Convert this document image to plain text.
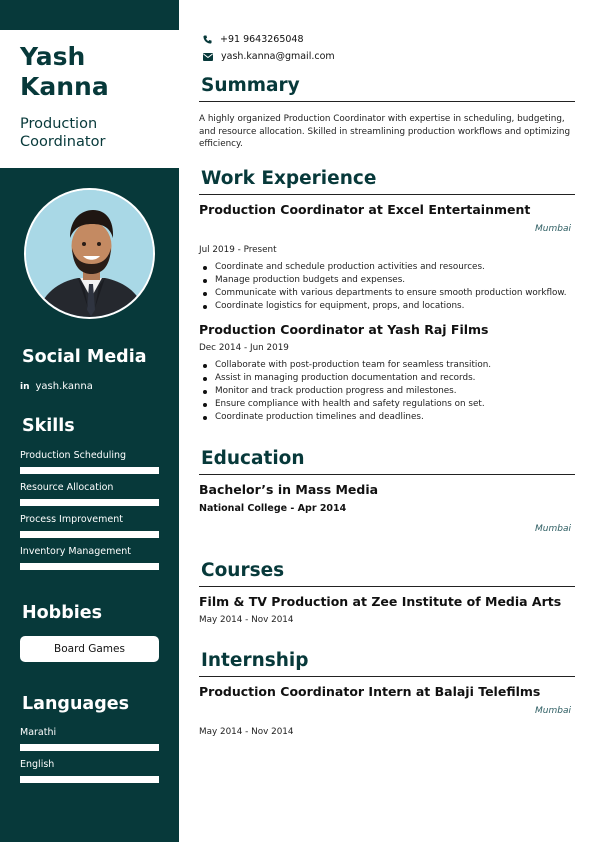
Yash
Kanna
Production Coordinator
Social Media
in yash.kanna
Skills
Production Scheduling
Resource Allocation
Process Improvement
Inventory Management
Hobbies
Board Games
Languages
Marathi
English
+91 9643265048
yash.kanna@gmail.com
Summary
A highly organized Production Coordinator with expertise in scheduling, budgeting, and resource allocation. Skilled in streamlining production workflows and optimizing efficiency.
Work Experience
Production Coordinator at Excel Entertainment
Mumbai
Jul 2019 - Present
Coordinate and schedule production activities and resources.
Manage production budgets and expenses.
Communicate with various departments to ensure smooth production workflow.
Coordinate logistics for equipment, props, and locations.
Production Coordinator at Yash Raj Films
Dec 2014 - Jun 2019
Collaborate with post-production team for seamless transition.
Assist in managing production documentation and records.
Monitor and track production progress and milestones.
Ensure compliance with health and safety regulations on set.
Coordinate production timelines and deadlines.
Education
Bachelor’s in Mass Media
National College - Apr 2014
Mumbai
Courses
Film & TV Production at Zee Institute of Media Arts
May 2014 - Nov 2014
Internship
Production Coordinator Intern at Balaji Telefilms
Mumbai
May 2014 - Nov 2014
